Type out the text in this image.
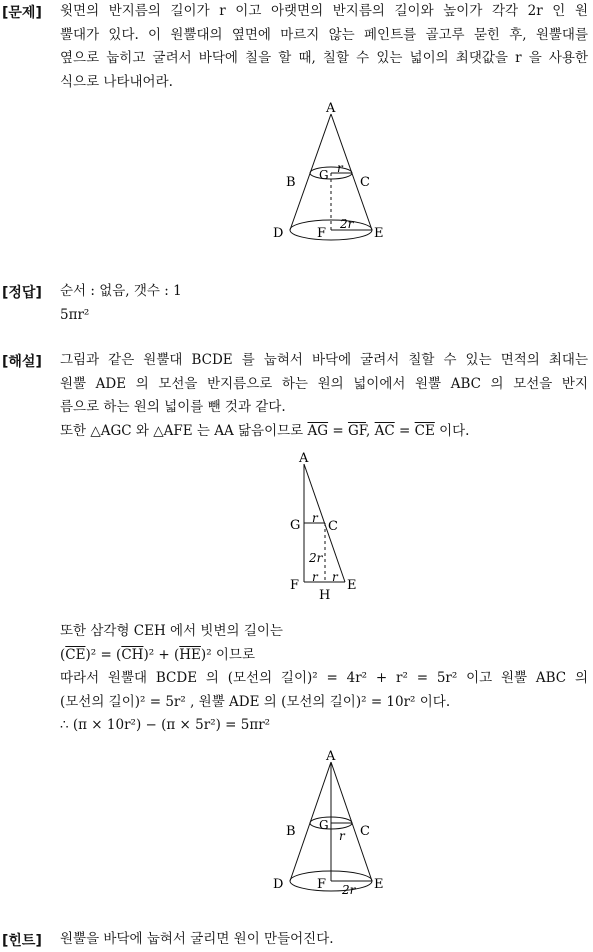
[문제] 윗면의 반지름의 길이가 r 이고 아랫면의 반지름의 길이와 높이가 각각 2r 인 원
뿔대가 있다. 이 원뿔대의 옆면에 마르지 않는 페인트를 골고루 묻힌 후, 원뿔대를
옆으로 눕히고 굴려서 바닥에 칠을 할 때, 칠할 수 있는 넓이의 최댓값을 r 을 사용한
식으로 나타내어라.
A
B	C
D	E
F
G r
2r
[정답] 순서 : 없음, 갯수 : 1
5πr²
[해설] 그림과 같은 원뿔대 BCDE 를 눕혀서 바닥에 굴려서 칠할 수 있는 면적의 최대는
원뿔 ADE 의 모선을 반지름으로 하는 원의 넓이에서 원뿔 ABC 의 모선을 반지
름으로 하는 원의 넓이를 뺀 것과 같다.
또한 △AGC 와 △AFE 는 AA 닮음이므로 $\overline{AG} = \overline{GF}$, $\overline{AC} = \overline{CE}$ 이다.
A
G C
F
H
E
r
2r
r r
또한 삼각형 CEH 에서 빗변의 길이는
$(\overline{CE})^2 = (\overline{CH})^2 + (\overline{HE})^2$ 이므로
따라서 원뿔대 BCDE 의 (모선의 길이)² = 4r² + r² = 5r² 이고 원뿔 ABC 의
(모선의 길이)² = 5r² , 원뿔 ADE 의 (모선의 길이)² = 10r² 이다.
∴ (π × 10r²) − (π × 5r²) = 5πr²
A
B	C
D	E
F
G
r
2r
[힌트] 원뿔을 바닥에 눕혀서 굴리면 원이 만들어진다.
